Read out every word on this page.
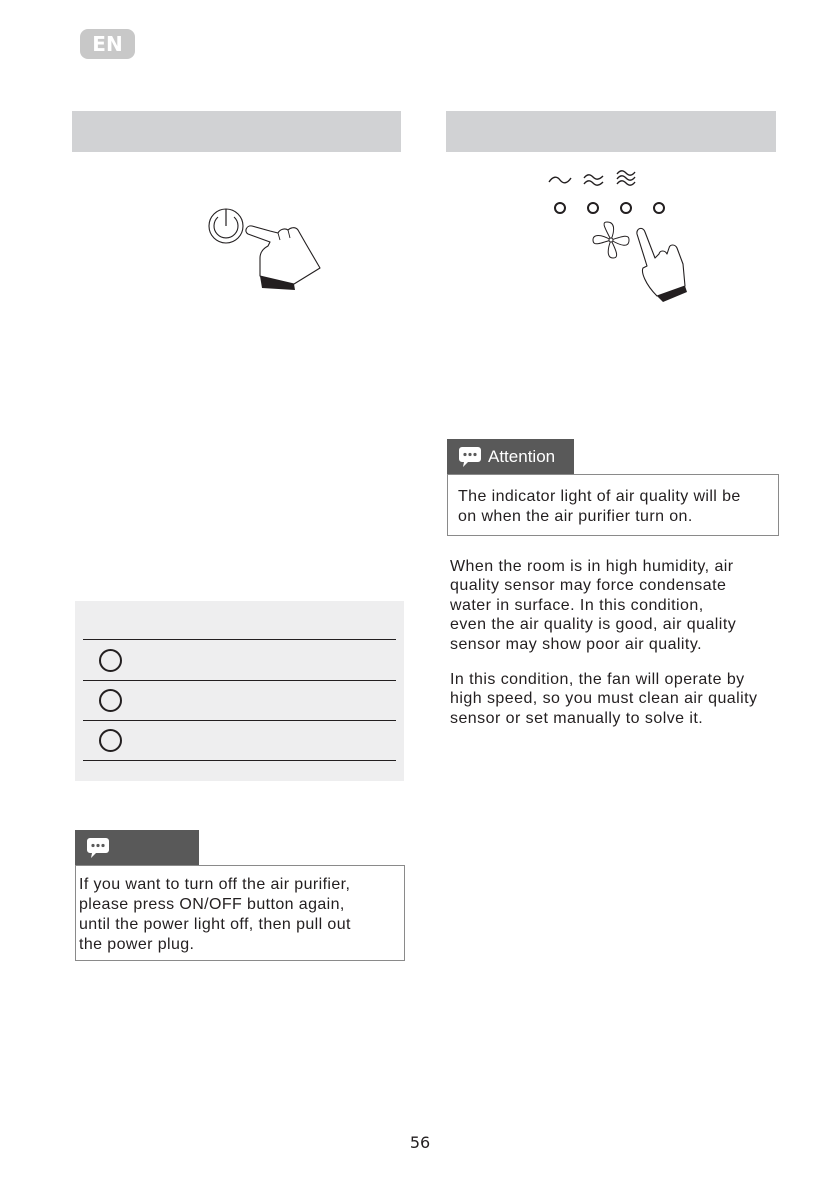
EN
Attention
The indicator light of air quality will be
on when the air purifier turn on.
When the room is in high humidity, air
quality sensor may force condensate
water in surface. In this condition,
even the air quality is good, air quality
sensor may show poor air quality.
In this condition, the fan will operate by
high speed, so you must clean air quality
sensor or set manually to solve it.
If you want to turn off the air purifier,
please press ON/OFF button again,
until the power light off, then pull out
the power plug.
56
